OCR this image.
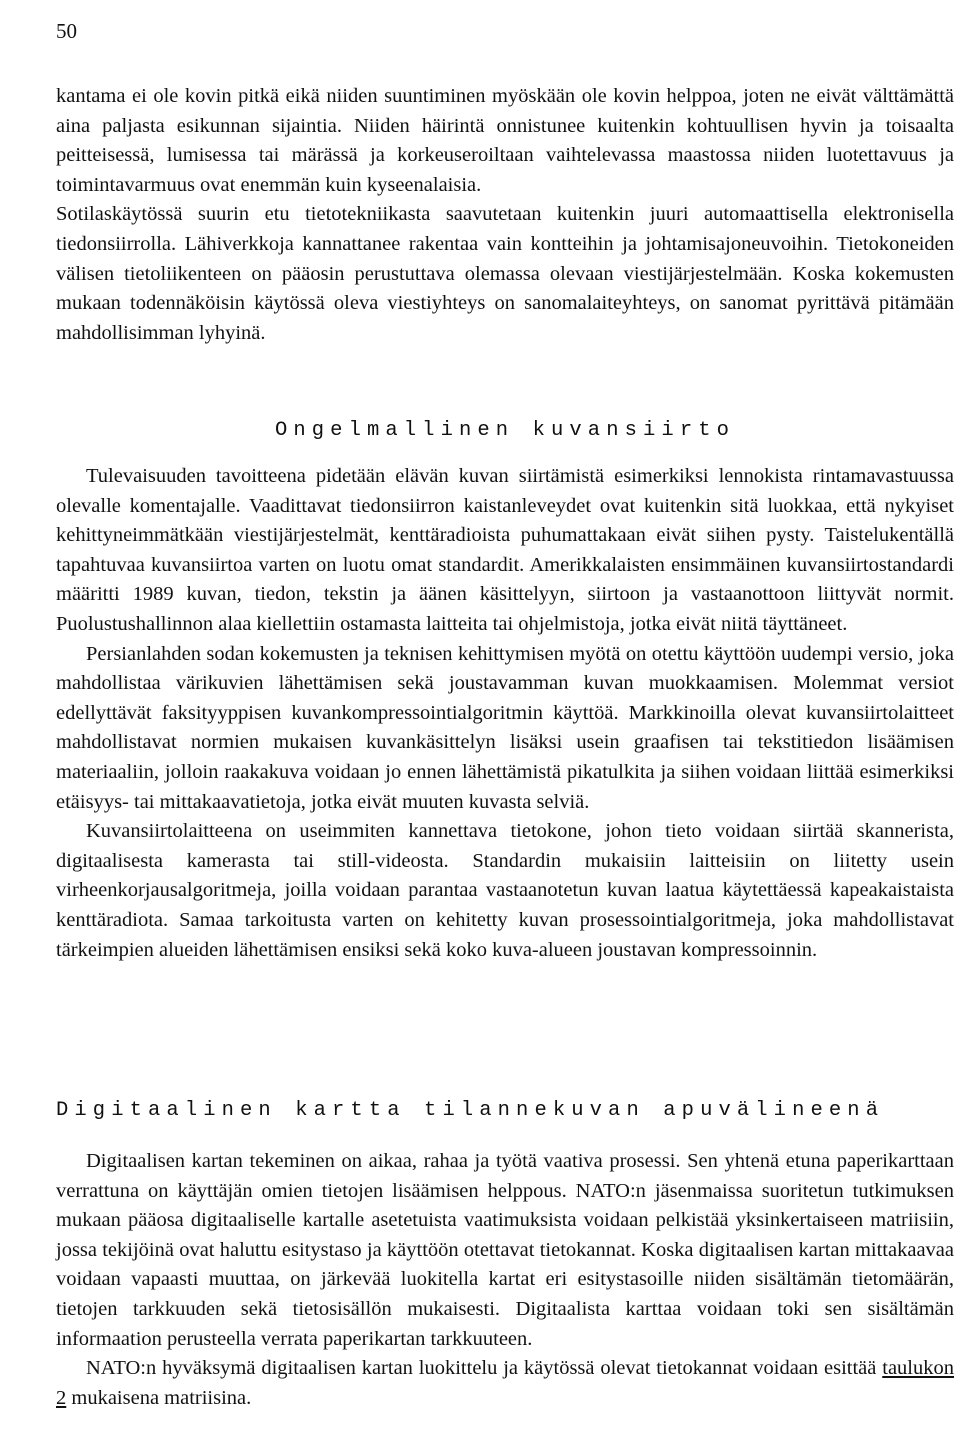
50

kantama ei ole kovin pitkä eikä niiden suuntiminen myöskään ole kovin helppoa, joten ne eivät välttämättä aina paljasta esikunnan sijaintia. Niiden häirintä onnistunee kuitenkin kohtuullisen hyvin ja toisaalta peitteisessä, lumisessa tai märässä ja korkeuseroiltaan vaihtelevassa maastossa niiden luotettavuus ja toimintavarmuus ovat enemmän kuin kyseenalaisia.

Sotilaskäytössä suurin etu tietotekniikasta saavutetaan kuitenkin juuri automaattisella elektronisella tiedonsiirrolla. Lähiverkkoja kannattanee rakentaa vain kontteihin ja johtamisajoneuvoihin. Tietokoneiden välisen tietoliikenteen on pääosin perustuttava olemassa olevaan viestijärjestelmään. Koska kokemusten mukaan todennäköisin käytössä oleva viestiyhteys on sanomalaiteyhteys, on sanomat pyrittävä pitämään mahdollisimman lyhyinä.

Ongelmallinen kuvansiirto

Tulevaisuuden tavoitteena pidetään elävän kuvan siirtämistä esimerkiksi lennokista rintamavastuussa olevalle komentajalle. Vaadittavat tiedonsiirron kaistanleveydet ovat kuitenkin sitä luokkaa, että nykyiset kehittyneimmätkään viestijärjestelmät, kenttäradioista puhumattakaan eivät siihen pysty. Taistelukentällä tapahtuvaa kuvansiirtoa varten on luotu omat standardit. Amerikkalaisten ensimmäinen kuvansiirtostandardi määritti 1989 kuvan, tiedon, tekstin ja äänen käsittelyyn, siirtoon ja vastaanottoon liittyvät normit. Puolustushallinnon alaa kiellettiin ostamasta laitteita tai ohjelmistoja, jotka eivät niitä täyttäneet.

Persianlahden sodan kokemusten ja teknisen kehittymisen myötä on otettu käyttöön uudempi versio, joka mahdollistaa värikuvien lähettämisen sekä joustavamman kuvan muokkaamisen. Molemmat versiot edellyttävät faksityyppisen kuvankompressointialgoritmin käyttöä. Markkinoilla olevat kuvansiirtolaitteet mahdollistavat normien mukaisen kuvankäsittelyn lisäksi usein graafisen tai tekstitiedon lisäämisen materiaaliin, jolloin raakakuva voidaan jo ennen lähettämistä pikatulkita ja siihen voidaan liittää esimerkiksi etäisyys- tai mittakaavatietoja, jotka eivät muuten kuvasta selviä.

Kuvansiirtolaitteena on useimmiten kannettava tietokone, johon tieto voidaan siirtää skannerista, digitaalisesta kamerasta tai still-videosta. Standardin mukaisiin laitteisiin on liitetty usein virheenkorjausalgoritmeja, joilla voidaan parantaa vastaanotetun kuvan laatua käytettäessä kapeakaistaista kenttäradiota. Samaa tarkoitusta varten on kehitetty kuvan prosessointialgoritmeja, joka mahdollistavat tärkeimpien alueiden lähettämisen ensiksi sekä koko kuva-alueen joustavan kompressoinnin.

Digitaalinen kartta tilannekuvan apuvälineenä

Digitaalisen kartan tekeminen on aikaa, rahaa ja työtä vaativa prosessi. Sen yhtenä etuna paperikarttaan verrattuna on käyttäjän omien tietojen lisäämisen helppous. NATO:n jäsenmaissa suoritetun tutkimuksen mukaan pääosa digitaaliselle kartalle asetetuista vaatimuksista voidaan pelkistää yksinkertaiseen matriisiin, jossa tekijöinä ovat haluttu esitystaso ja käyttöön otettavat tietokannat. Koska digitaalisen kartan mittakaavaa voidaan vapaasti muuttaa, on järkevää luokitella kartat eri esitystasoille niiden sisältämän tietomäärän, tietojen tarkkuuden sekä tietosisällön mukaisesti. Digitaalista karttaa voidaan toki sen sisältämän informaation perusteella verrata paperikartan tarkkuuteen.

NATO:n hyväksymä digitaalisen kartan luokittelu ja käytössä olevat tietokannat voidaan esittää taulukon 2 mukaisena matriisina.
